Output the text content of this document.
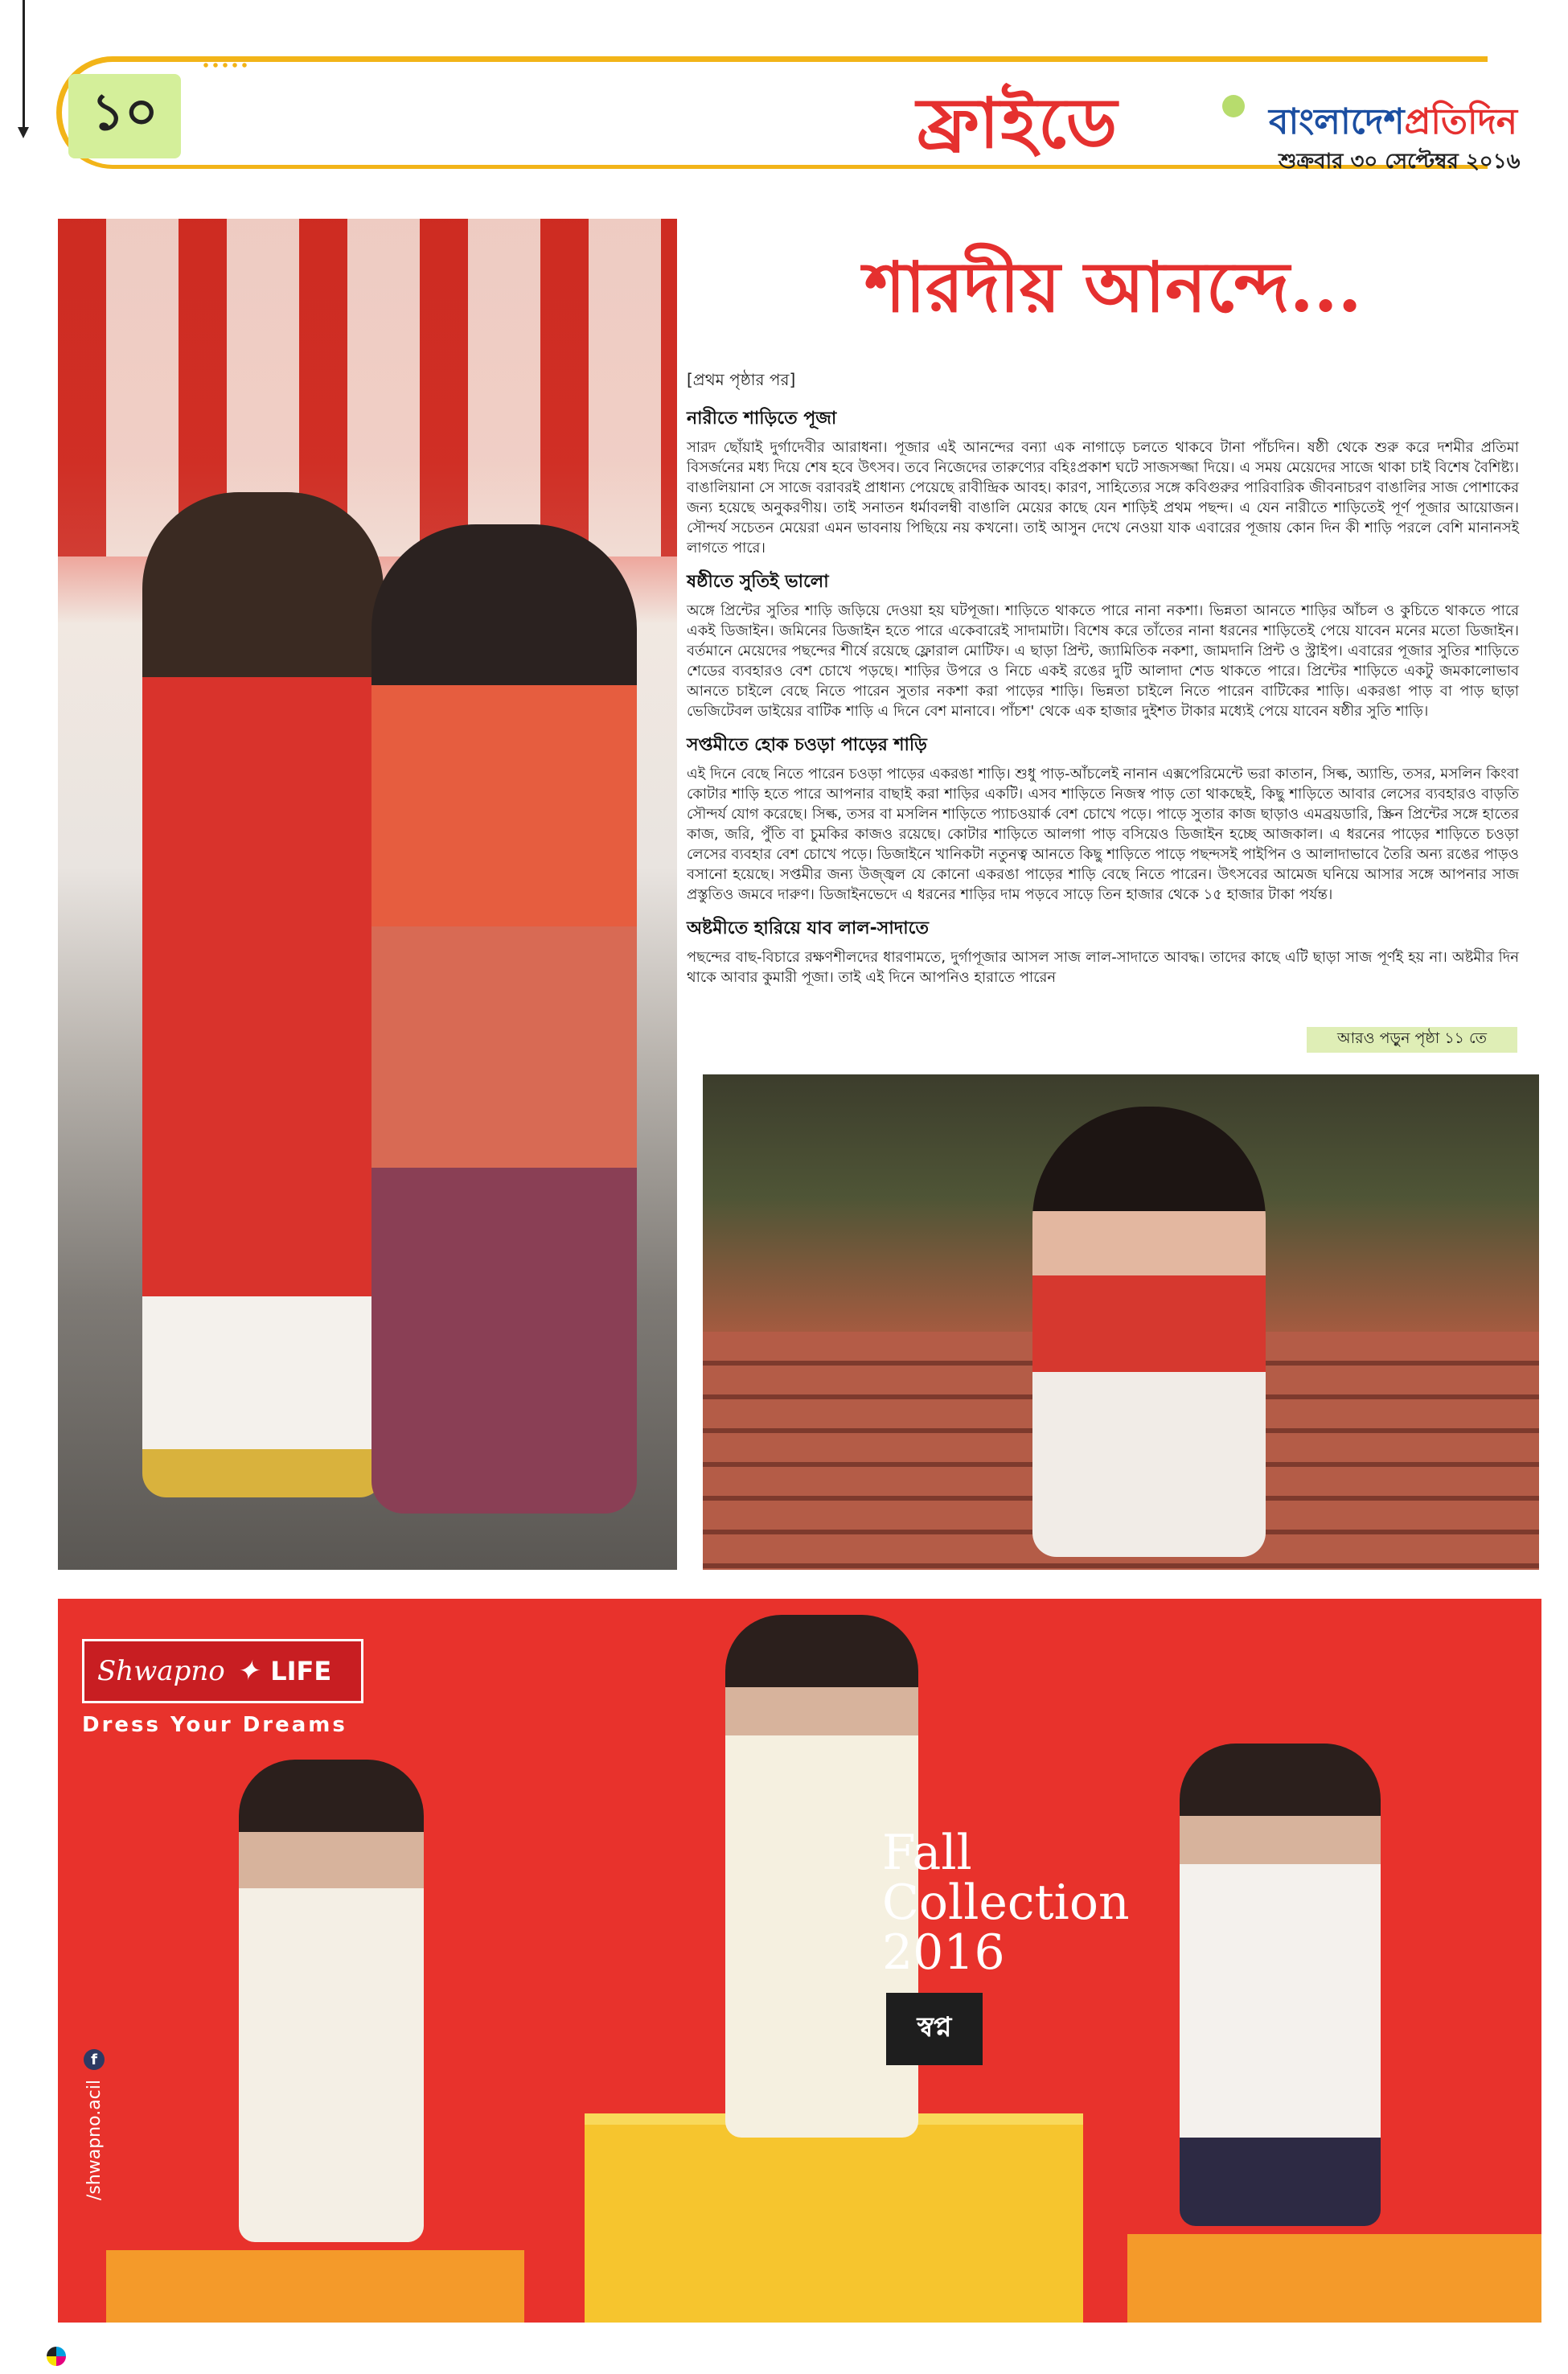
১০	ফ্রাইডে	বাংলাদেশপ্রতিদিন
শুক্রবার ৩০ সেপ্টেম্বর ২০১৬
শারদীয় আনন্দে...
[প্রথম পৃষ্ঠার পর]
নারীতে শাড়িতে পূজা

সারদ ছোঁয়াই দুর্গাদেবীর আরাধনা। পূজার এই আনন্দের বন্যা এক নাগাড়ে চলতে থাকবে টানা পাঁচদিন। ষষ্ঠী থেকে শুরু করে দশমীর প্রতিমা বিসর্জনের মধ্য দিয়ে শেষ হবে উৎসব। তবে নিজেদের তারুণ্যের বহিঃপ্রকাশ ঘটে সাজসজ্জা দিয়ে। এ সময় মেয়েদের সাজে থাকা চাই বিশেষ বৈশিষ্ট্য। বাঙালিয়ানা সে সাজে বরাবরই প্রাধান্য পেয়েছে রাবীন্দ্রিক আবহ। কারণ, সাহিত্যের সঙ্গে কবিগুরুর পারিবারিক জীবনাচরণ বাঙালির সাজ পোশাকের জন্য হয়েছে অনুকরণীয়। তাই সনাতন ধর্মাবলম্বী বাঙালি মেয়ের কাছে যেন শাড়িই প্রথম পছন্দ। এ যেন নারীতে শাড়িতেই পূর্ণ পূজার আয়োজন। সৌন্দর্য সচেতন মেয়েরা এমন ভাবনায় পিছিয়ে নয় কখনো। তাই আসুন দেখে নেওয়া যাক এবারের পূজায় কোন দিন কী শাড়ি পরলে বেশি মানানসই লাগতে পারে।

ষষ্ঠীতে সুতিই ভালো

অঙ্গে প্রিন্টের সুতির শাড়ি জড়িয়ে দেওয়া হয় ঘটপূজা। শাড়িতে থাকতে পারে নানা নকশা। ভিন্নতা আনতে শাড়ির আঁচল ও কুচিতে থাকতে পারে একই ডিজাইন। জমিনের ডিজাইন হতে পারে একেবারেই সাদামাটা। বিশেষ করে তাঁতের নানা ধরনের শাড়িতেই পেয়ে যাবেন মনের মতো ডিজাইন। বর্তমানে মেয়েদের পছন্দের শীর্ষে রয়েছে ফ্লোরাল মোটিফ। এ ছাড়া প্রিন্ট, জ্যামিতিক নকশা, জামদানি প্রিন্ট ও স্ট্রাইপ। এবারের পূজার সুতির শাড়িতে শেডের ব্যবহারও বেশ চোখে পড়ছে। শাড়ির উপরে ও নিচে একই রঙের দুটি আলাদা শেড থাকতে পারে। প্রিন্টের শাড়িতে একটু জমকালোভাব আনতে চাইলে বেছে নিতে পারেন সুতার নকশা করা পাড়ের শাড়ি। ভিন্নতা চাইলে নিতে পারেন বাটিকের শাড়ি। একরঙা পাড় বা পাড় ছাড়া ভেজিটেবল ডাইয়ের বাটিক শাড়ি এ দিনে বেশ মানাবে। পাঁচশ' থেকে এক হাজার দুইশত টাকার মধ্যেই পেয়ে যাবেন ষষ্ঠীর সুতি শাড়ি।

সপ্তমীতে হোক চওড়া পাড়ের শাড়ি

এই দিনে বেছে নিতে পারেন চওড়া পাড়ের একরঙা শাড়ি। শুধু পাড়-আঁচলেই নানান এক্সপেরিমেন্টে ভরা কাতান, সিল্ক, অ্যান্ডি, তসর, মসলিন কিংবা কোটার শাড়ি হতে পারে আপনার বাছাই করা শাড়ির একটি। এসব শাড়িতে নিজস্ব পাড় তো থাকছেই, কিছু শাড়িতে আবার লেসের ব্যবহারও বাড়তি সৌন্দর্য যোগ করেছে। সিল্ক, তসর বা মসলিন শাড়িতে প্যাচওয়ার্ক বেশ চোখে পড়ে। পাড়ে সুতার কাজ ছাড়াও এমব্রয়ডারি, স্ক্রিন প্রিন্টের সঙ্গে হাতের কাজ, জরি, পুঁতি বা চুমকির কাজও রয়েছে। কোটার শাড়িতে আলগা পাড় বসিয়েও ডিজাইন হচ্ছে আজকাল। এ ধরনের পাড়ের শাড়িতে চওড়া লেসের ব্যবহার বেশ চোখে পড়ে। ডিজাইনে খানিকটা নতুনত্ব আনতে কিছু শাড়িতে পাড়ে পছন্দসই পাইপিন ও আলাদাভাবে তৈরি অন্য রঙের পাড়ও বসানো হয়েছে। সপ্তমীর জন্য উজ্জ্বল যে কোনো একরঙা পাড়ের শাড়ি বেছে নিতে পারেন। উৎসবের আমেজ ঘনিয়ে আসার সঙ্গে আপনার সাজ প্রস্তুতিও জমবে দারুণ। ডিজাইনভেদে এ ধরনের শাড়ির দাম পড়বে সাড়ে তিন হাজার থেকে ১৫ হাজার টাকা পর্যন্ত।

অষ্টমীতে হারিয়ে যাব লাল-সাদাতে

পছন্দের বাছ-বিচারে রক্ষণশীলদের ধারণামতে, দুর্গাপূজার আসল সাজ লাল-সাদাতে আবদ্ধ। তাদের কাছে এটি ছাড়া সাজ পূর্ণই হয় না। অষ্টমীর দিন থাকে আবার কুমারী পূজা। তাই এই দিনে আপনিও হারাতে পারেন

আরও পড়ুন পৃষ্ঠা ১১ তে
Shwapno ✦ LIFE
Dress Your Dreams
Fall
Collection
2016
স্বপ্ন
f
/shwapno.acil
